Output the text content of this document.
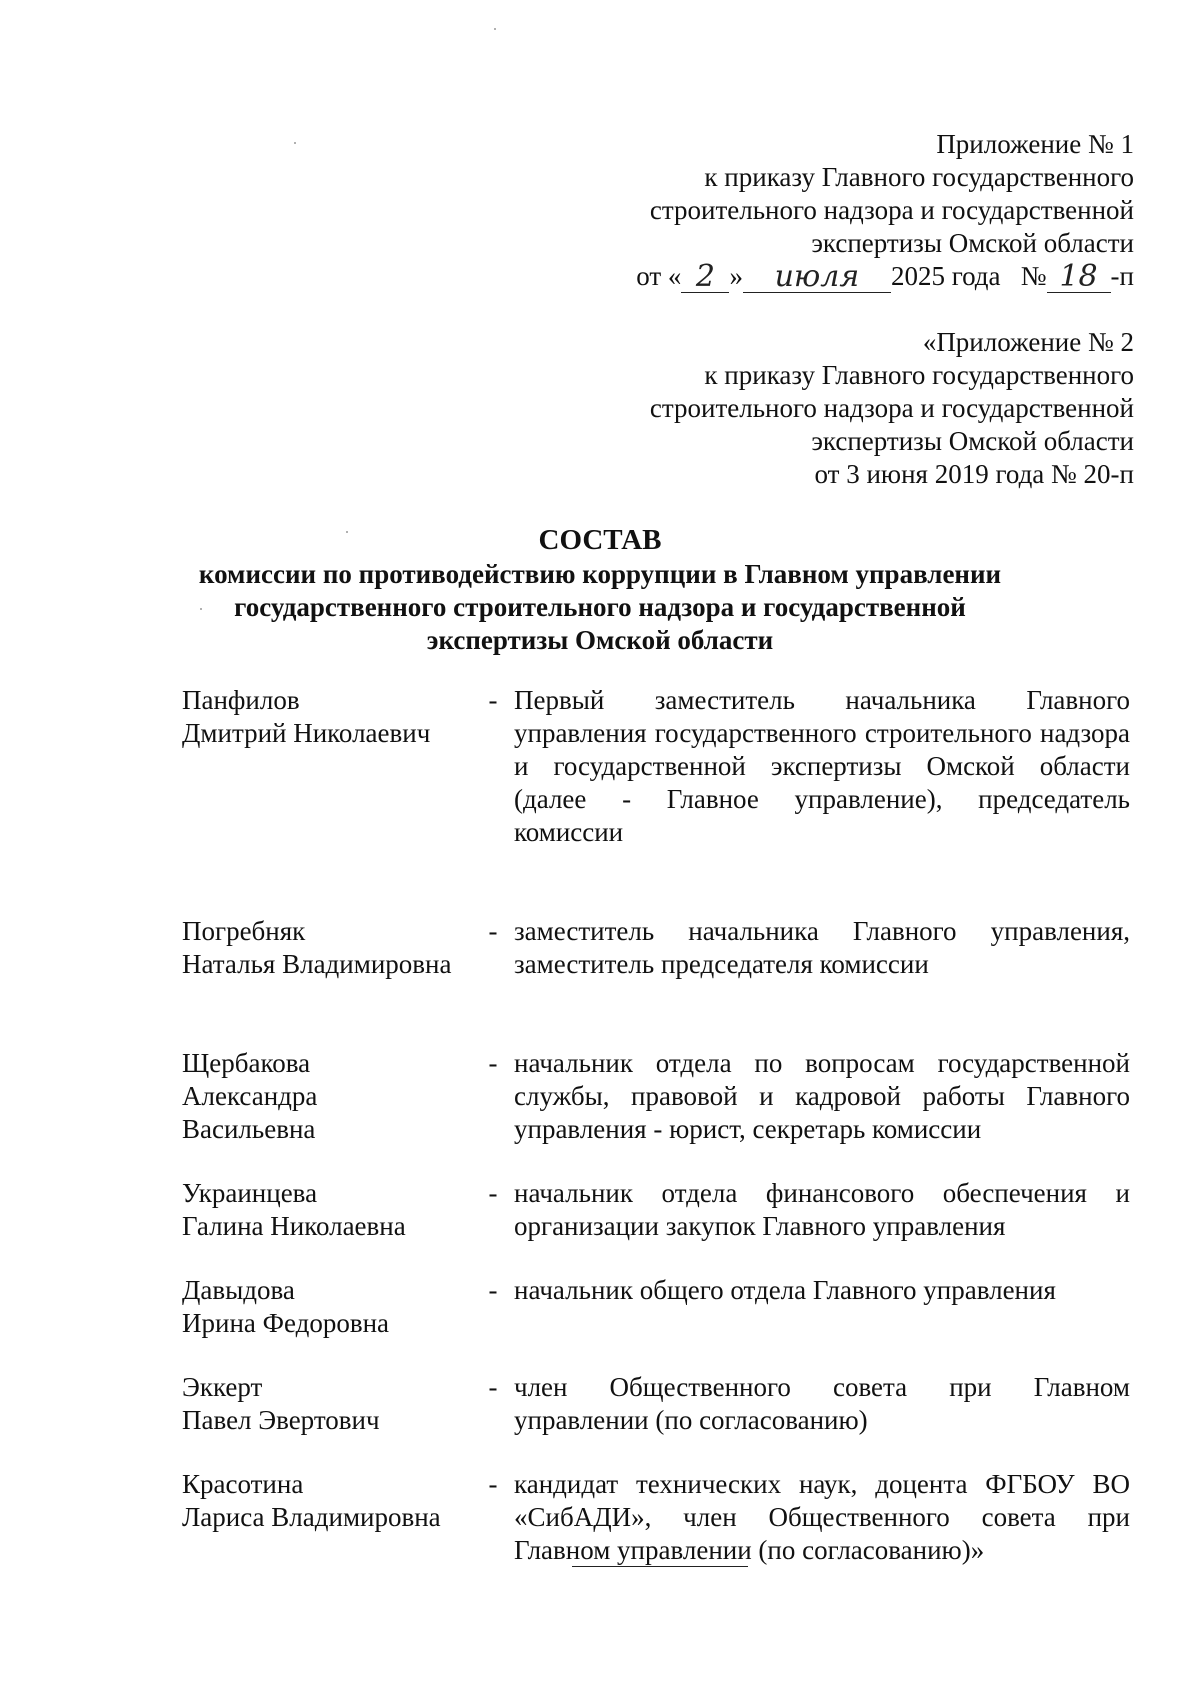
Приложение № 1
к приказу Главного государственного
строительного надзора и государственной
экспертизы Омской области
от « 2 »	июля	2025 года   № 18 -п
«Приложение № 2
к приказу Главного государственного
строительного надзора и государственной
экспертизы Омской области
от 3 июня 2019 года № 20-п
СОСТАВ
комиссии по противодействию коррупции в Главном управлении
государственного строительного надзора и государственной
экспертизы Омской области
Панфилов
Дмитрий Николаевич
- Первый заместитель начальника Главного управления государственного строительного надзора и государственной экспертизы Омской области (далее - Главное управление), председатель комиссии
Погребняк
Наталья Владимировна
- заместитель начальника Главного управления, заместитель председателя комиссии
Щербакова
Александра
Васильевна
- начальник отдела по вопросам государственной службы, правовой и кадровой работы Главного управления - юрист, секретарь комиссии
Украинцева
Галина Николаевна
- начальник отдела финансового обеспечения и организации закупок Главного управления
Давыдова
Ирина Федоровна
- начальник общего отдела Главного управления
Эккерт
Павел Эвертович
- член Общественного совета при Главном управлении (по согласованию)
Красотина
Лариса Владимировна
- кандидат технических наук, доцента ФГБОУ ВО «СибАДИ», член Общественного совета при Главном управлении (по согласованию)»
